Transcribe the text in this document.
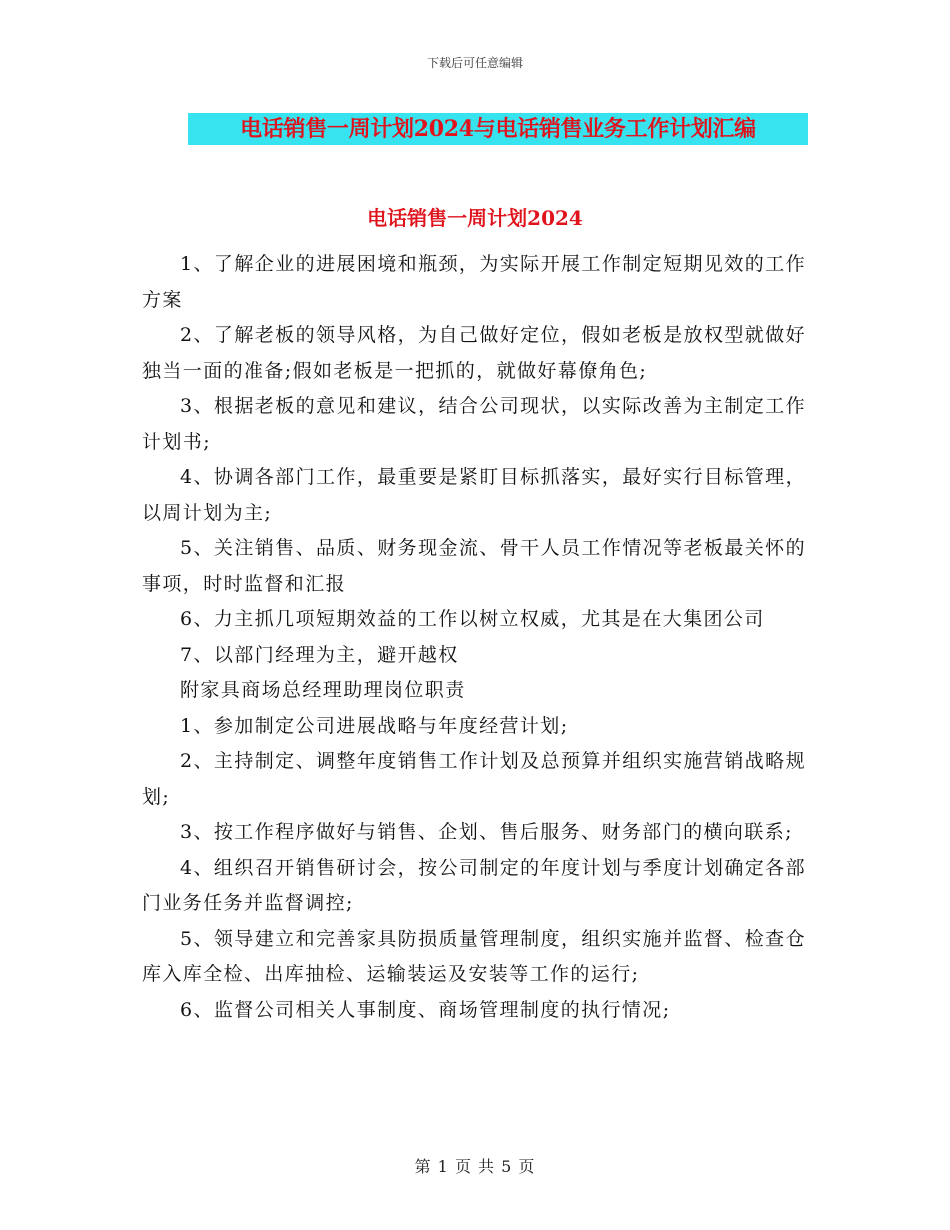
下载后可任意编辑
电话销售一周计划2024与电话销售业务工作计划汇编
电话销售一周计划2024

1、了解企业的进展困境和瓶颈，为实际开展工作制定短期见效的工作方案

2、了解老板的领导风格，为自己做好定位，假如老板是放权型就做好独当一面的准备;假如老板是一把抓的，就做好幕僚角色;

3、根据老板的意见和建议，结合公司现状，以实际改善为主制定工作计划书;

4、协调各部门工作，最重要是紧盯目标抓落实，最好实行目标管理，以周计划为主;

5、关注销售、品质、财务现金流、骨干人员工作情况等老板最关怀的事项，时时监督和汇报

6、力主抓几项短期效益的工作以树立权威，尤其是在大集团公司

7、以部门经理为主，避开越权

附家具商场总经理助理岗位职责

1、参加制定公司进展战略与年度经营计划;

2、主持制定、调整年度销售工作计划及总预算并组织实施营销战略规划;

3、按工作程序做好与销售、企划、售后服务、财务部门的横向联系;

4、组织召开销售研讨会，按公司制定的年度计划与季度计划确定各部门业务任务并监督调控;

5、领导建立和完善家具防损质量管理制度，组织实施并监督、检查仓库入库全检、出库抽检、运输装运及安装等工作的运行;

6、监督公司相关人事制度、商场管理制度的执行情况;

第 1 页 共 5 页
